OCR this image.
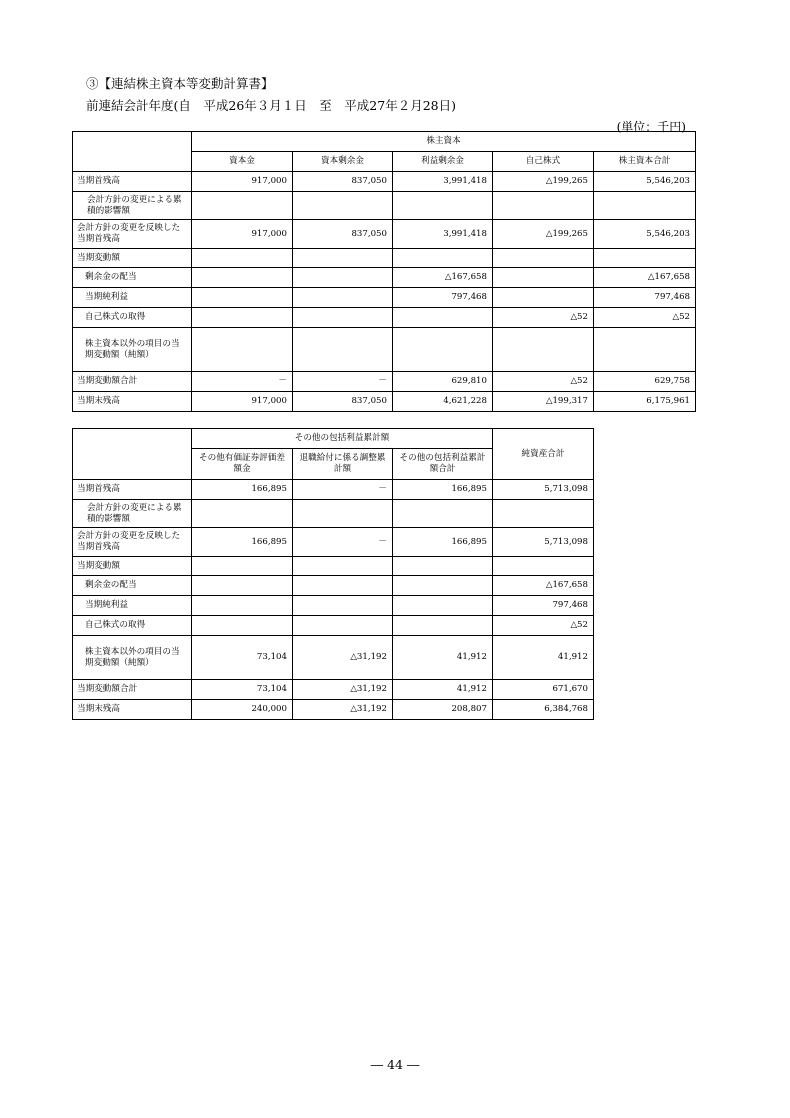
③【連結株主資本等変動計算書】
前連結会計年度(自　平成26年３月１日　至　平成27年２月28日)
(単位：千円)
	株主資本				
	資本金	資本剰余金	利益剰余金	自己株式	株主資本合計
当期首残高	917,000	837,050	3,991,418	△199,265	5,546,203
会計方針の変更による累積的影響額					
会計方針の変更を反映した当期首残高	917,000	837,050	3,991,418	△199,265	5,546,203
当期変動額					
剰余金の配当			△167,658		△167,658
当期純利益			797,468		797,468
自己株式の取得				△52	△52
株主資本以外の項目の当期変動額（純額）					
当期変動額合計	－	－	629,810	△52	629,758
当期末残高	917,000	837,050	4,621,228	△199,317	6,175,961
	その他の包括利益累計額			純資産合計
	その他有価証券評価差額金	退職給付に係る調整累計額	その他の包括利益累計額合計	
当期首残高	166,895	－	166,895	5,713,098
会計方針の変更による累積的影響額				
会計方針の変更を反映した当期首残高	166,895	－	166,895	5,713,098
当期変動額				
剰余金の配当				△167,658
当期純利益				797,468
自己株式の取得				△52
株主資本以外の項目の当期変動額（純額）	73,104	△31,192	41,912	41,912
当期変動額合計	73,104	△31,192	41,912	671,670
当期末残高	240,000	△31,192	208,807	6,384,768
― 44 ―
